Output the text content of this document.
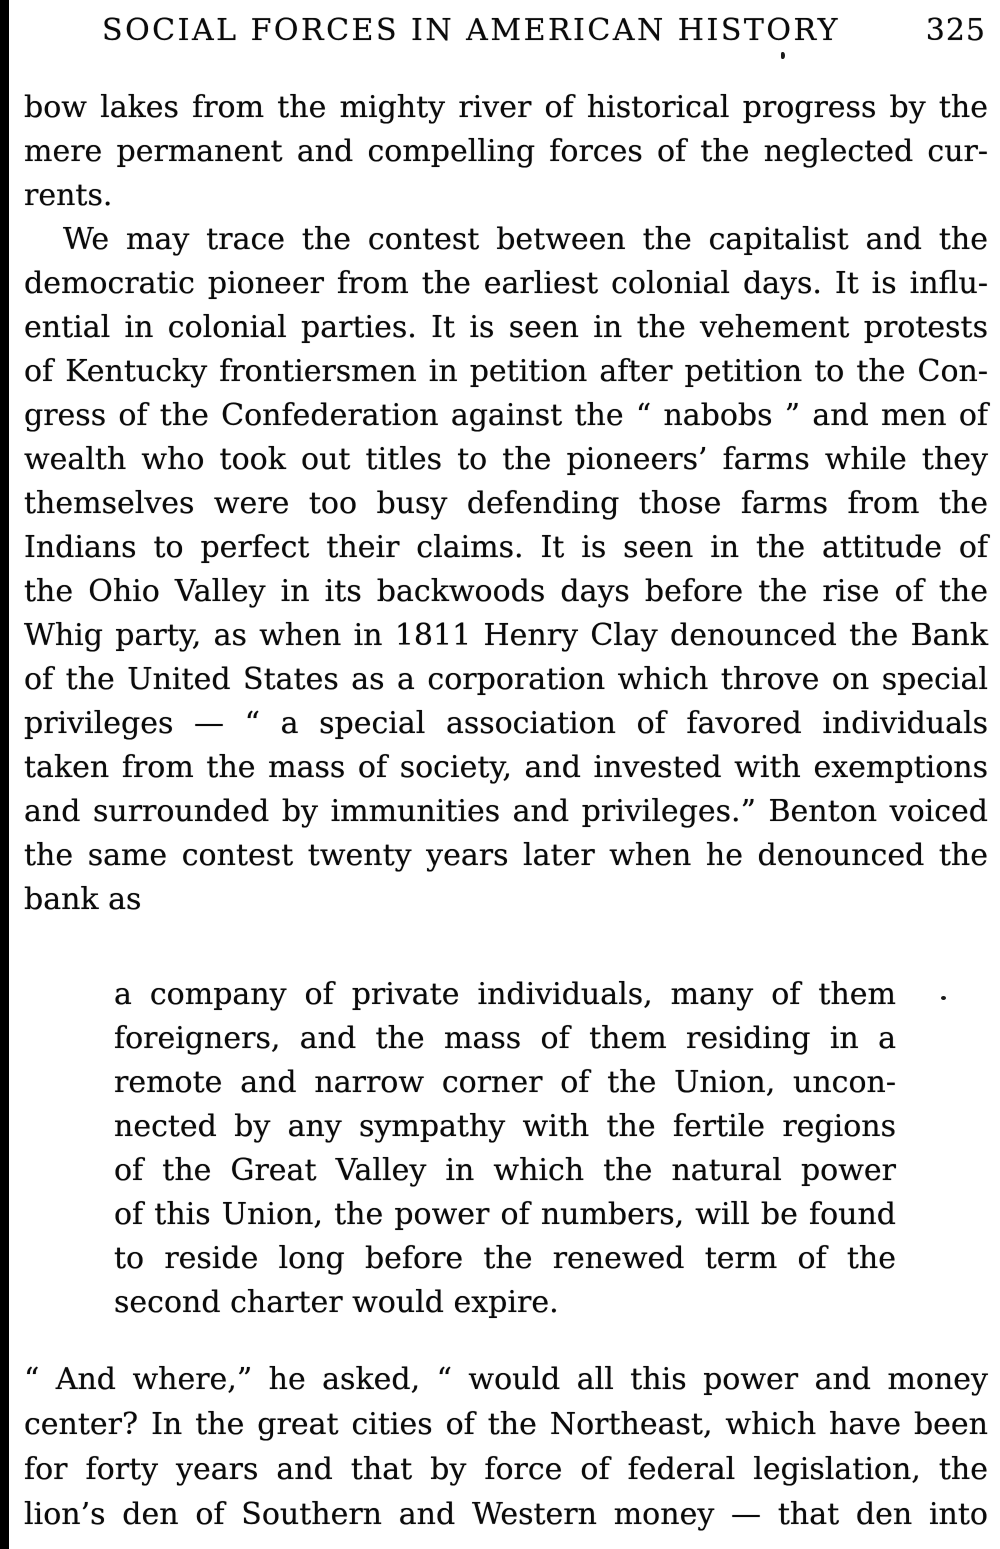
SOCIAL FORCES IN AMERICAN HISTORY	325
bow lakes from the mighty river of historical progress by the
mere permanent and compelling forces of the neglected cur-
rents.
We may trace the contest between the capitalist and the
democratic pioneer from the earliest colonial days. It is influ-
ential in colonial parties. It is seen in the vehement protests
of Kentucky frontiersmen in petition after petition to the Con-
gress of the Confederation against the “ nabobs ” and men of
wealth who took out titles to the pioneers’ farms while they
themselves were too busy defending those farms from the
Indians to perfect their claims. It is seen in the attitude of
the Ohio Valley in its backwoods days before the rise of the
Whig party, as when in 1811 Henry Clay denounced the Bank
of the United States as a corporation which throve on special
privileges — “ a special association of favored individuals
taken from the mass of society, and invested with exemptions
and surrounded by immunities and privileges.” Benton voiced
the same contest twenty years later when he denounced the
bank as
a company of private individuals, many of them
foreigners, and the mass of them residing in a
remote and narrow corner of the Union, uncon-
nected by any sympathy with the fertile regions
of the Great Valley in which the natural power
of this Union, the power of numbers, will be found
to reside long before the renewed term of the
second charter would expire.
“ And where,” he asked, “ would all this power and money
center? In the great cities of the Northeast, which have been
for forty years and that by force of federal legislation, the
lion’s den of Southern and Western money — that den into
